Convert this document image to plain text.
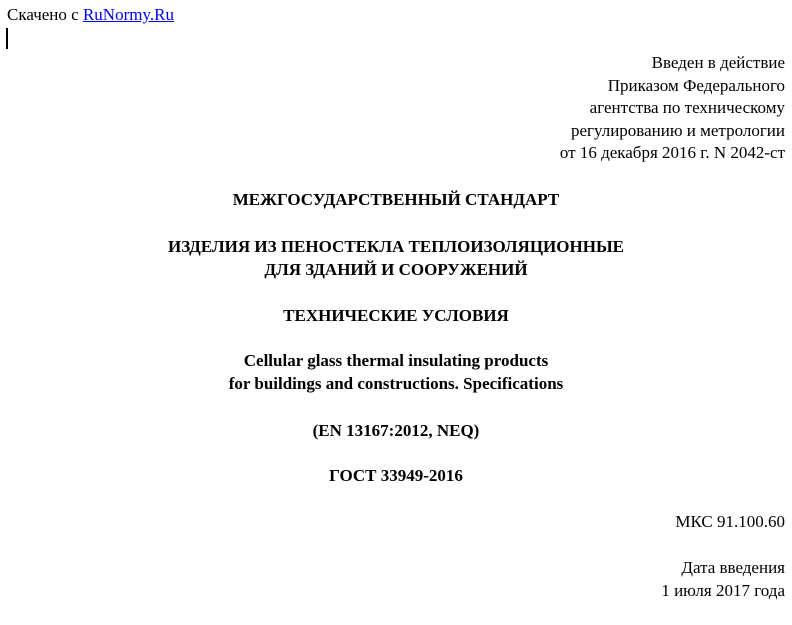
Скачено с RuNormy.Ru
Введен в действие
Приказом Федерального
агентства по техническому
регулированию и метрологии
от 16 декабря 2016 г. N 2042-ст
МЕЖГОСУДАРСТВЕННЫЙ СТАНДАРТ
ИЗДЕЛИЯ ИЗ ПЕНОСТЕКЛА ТЕПЛОИЗОЛЯЦИОННЫЕ
ДЛЯ ЗДАНИЙ И СООРУЖЕНИЙ
ТЕХНИЧЕСКИЕ УСЛОВИЯ
Cellular glass thermal insulating products
for buildings and constructions. Specifications
(EN 13167:2012, NEQ)
ГОСТ 33949-2016
МКС 91.100.60
Дата введения
1 июля 2017 года
